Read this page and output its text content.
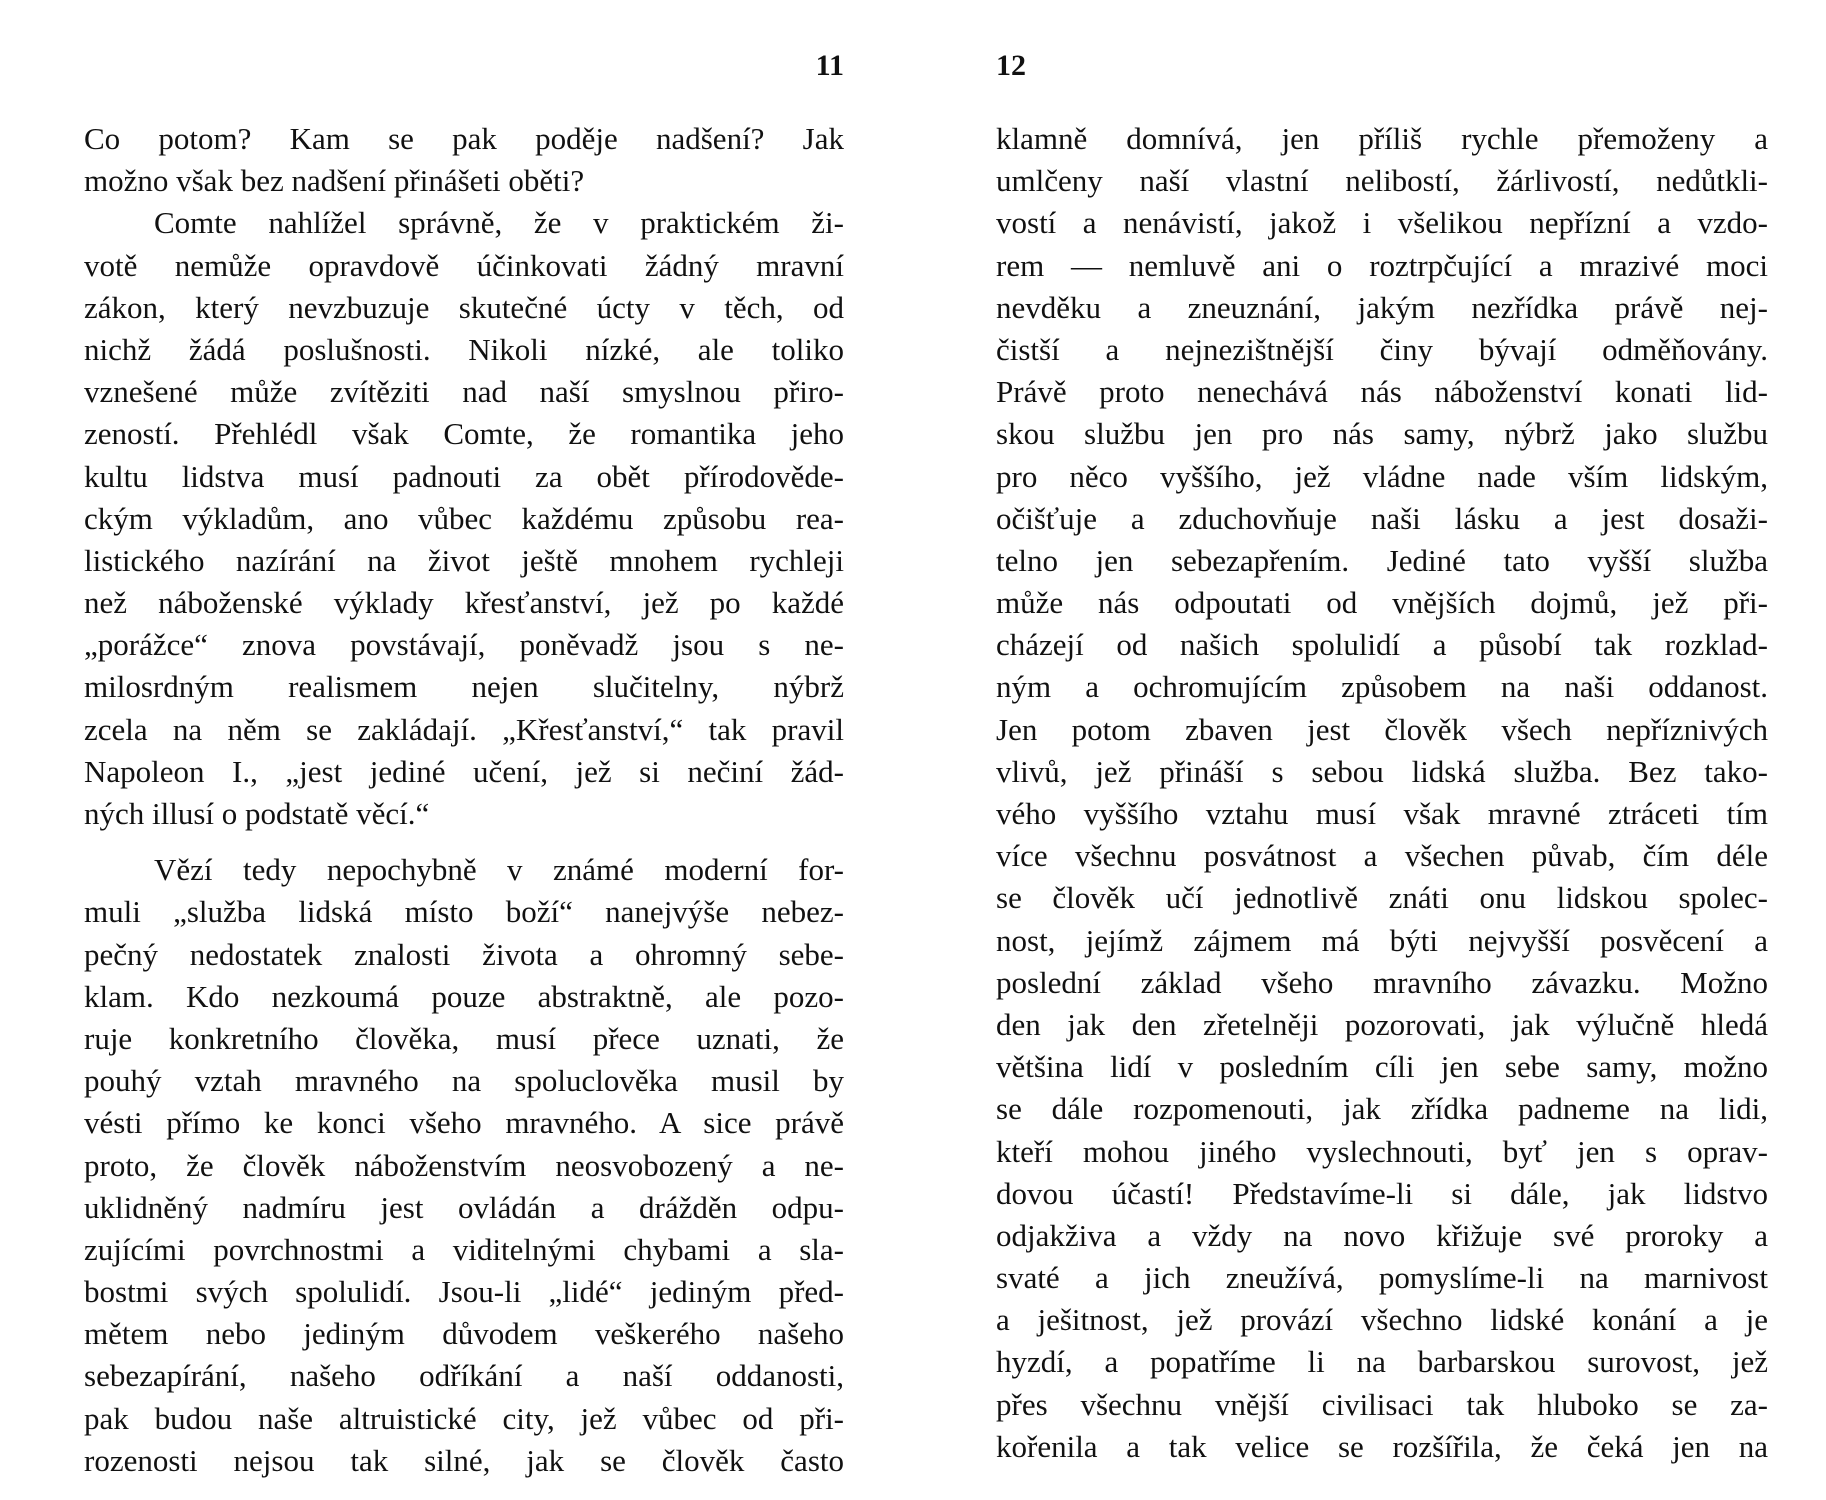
11
Co potom? Kam se pak poděje nadšení? Jak
možno však bez nadšení přinášeti oběti?
Comte nahlížel správně, že v praktickém ži-
votě nemůže opravdově účinkovati žádný mravní
zákon, který nevzbuzuje skutečné úcty v těch, od
nichž žádá poslušnosti. Nikoli nízké, ale toliko
vznešené může zvítěziti nad naší smyslnou přiro-
zeností. Přehlédl však Comte, že romantika jeho
kultu lidstva musí padnouti za obět přírodověde-
ckým výkladům, ano vůbec každému způsobu rea-
listického nazírání na život ještě mnohem rychleji
než náboženské výklady křesťanství, jež po každé
„porážce“ znova povstávají, poněvadž jsou s ne-
milosrdným realismem nejen slučitelny, nýbrž
zcela na něm se zakládají. „Křesťanství,“ tak pravil
Napoleon I., „jest jediné učení, jež si nečiní žád-
ných illusí o podstatě věcí.“
Vězí tedy nepochybně v známé moderní for-
muli „služba lidská místo boží“ nanejvýše nebez-
pečný nedostatek znalosti života a ohromný sebe-
klam. Kdo nezkoumá pouze abstraktně, ale pozo-
ruje konkretního člověka, musí přece uznati, že
pouhý vztah mravného na spoluclověka musil by
vésti přímo ke konci všeho mravného. A sice právě
proto, že člověk náboženstvím neosvobozený a ne-
uklidněný nadmíru jest ovládán a drážděn odpu-
zujícími povrchnostmi a viditelnými chybami a sla-
bostmi svých spolulidí. Jsou-li „lidé“ jediným před-
mětem nebo jediným důvodem veškerého našeho
sebezapírání, našeho odříkání a naší oddanosti,
pak budou naše altruistické city, jež vůbec od při-
rozenosti nejsou tak silné, jak se člověk často
12
klamně domnívá, jen příliš rychle přemoženy a
umlčeny naší vlastní nelibostí, žárlivostí, nedůtkli-
vostí a nenávistí, jakož i všelikou nepřízní a vzdo-
rem — nemluvě ani o roztrpčující a mrazivé moci
nevděku a zneuznání, jakým nezřídka právě nej-
čistší a nejnezištnější činy bývají odměňovány.
Právě proto nenechává nás náboženství konati lid-
skou službu jen pro nás samy, nýbrž jako službu
pro něco vyššího, jež vládne nade vším lidským,
očišťuje a zduchovňuje naši lásku a jest dosaži-
telno jen sebezapřením. Jediné tato vyšší služba
může nás odpoutati od vnějších dojmů, jež při-
cházejí od našich spolulidí a působí tak rozklad-
ným a ochromujícím způsobem na naši oddanost.
Jen potom zbaven jest člověk všech nepříznivých
vlivů, jež přináší s sebou lidská služba. Bez tako-
vého vyššího vztahu musí však mravné ztráceti tím
více všechnu posvátnost a všechen půvab, čím déle
se člověk učí jednotlivě znáti onu lidskou spolec-
nost, jejímž zájmem má býti nejvyšší posvěcení a
poslední základ všeho mravního závazku. Možno
den jak den zřetelněji pozorovati, jak výlučně hledá
většina lidí v posledním cíli jen sebe samy, možno
se dále rozpomenouti, jak zřídka padneme na lidi,
kteří mohou jiného vyslechnouti, byť jen s oprav-
dovou účastí! Představíme-li si dále, jak lidstvo
odjakživa a vždy na novo křižuje své proroky a
svaté a jich zneužívá, pomyslíme-li na marnivost
a ješitnost, jež provází všechno lidské konání a je
hyzdí, a popatříme li na barbarskou surovost, jež
přes všechnu vnější civilisaci tak hluboko se za-
kořenila a tak velice se rozšířila, že čeká jen na
